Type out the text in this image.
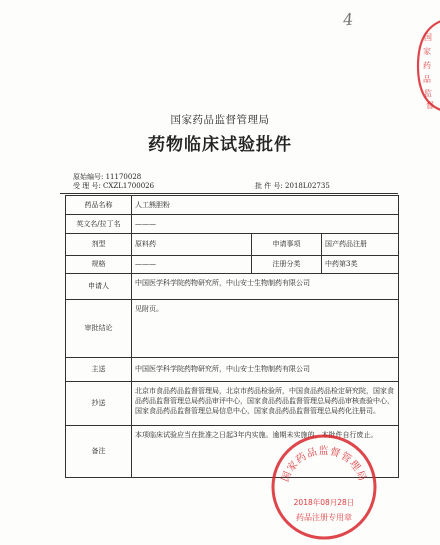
4
国
家
药
品
监
督
国家药品监督管理局
药物临床试验批件
原始编号: 11170028
受 理 号: CXZL1700026	批 件 号: 2018L02735
药品名称	人工熊胆粉		
英文名/拉丁名	———		
剂型	原料药	申请事项	国产药品注册
规格	———	注册分类	中药第3类
申请人	中国医学科学院药物研究所，中山安士生物制药有限公司		
审批结论	见附页。		
主送	中国医学科学院药物研究所，中山安士生物制药有限公司		
抄送	北京市食品药品监督管理局，北京市药品检验所，中国食品药品检定研究院，国家食品药品监督管理总局药品审评中心，国家食品药品监督管理总局药品审核查验中心，国家食品药品监督管理总局信息中心，国家食品药品监督管理总局药化注册司。		
备注	本项临床试验应当在批准之日起3年内实施。逾期未实施的，本批件自行废止。		
国家药品监督管理局
2018年08月28日
药品注册专用章
